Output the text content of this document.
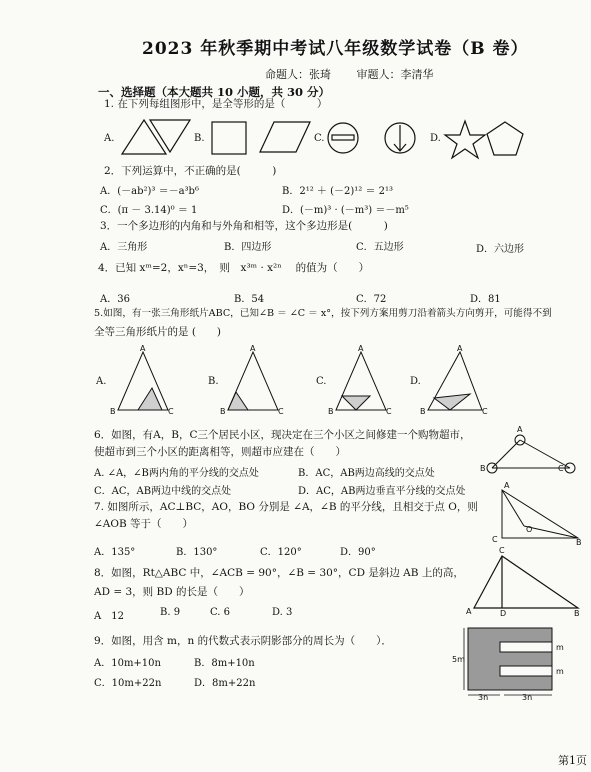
2023 年秋季期中考试八年级数学试卷（B 卷）
命题人：张琦 审题人：李清华
一、选择题（本大题共 10 小题，共 30 分）
1. 在下列每组图形中，是全等形的是（　　　）
A.	B.	C.	D.
2．下列运算中，不正确的是(　　　)
A．(－ab²)³ ＝－a³b⁶	B．2¹² ＋ (－2)¹² ＝ 2¹³
C．(π － 3.14)⁰ ＝ 1	D．(－m)³ · (－m³) ＝－m⁵
3．一个多边形的内角和与外角和相等，这个多边形是(　　　)
A．三角形	B．四边形	C．五边形	D．六边形
4．已知 xᵐ=2，xⁿ=3，　则　x³ᵐ · x²ⁿ 　的值为（　　）
A．36	B．54	C．72	D．81
5.如图，有一张三角形纸片ABC，已知∠B ＝ ∠C ＝ x°，按下列方案用剪刀沿着箭头方向剪开，可能得不到
全等三角形纸片的是 (　　)
A.	B.	C.	D.
A
B	C
A
B	C
A
B	C
A
B	C
6．如图，有A，B，C三个居民小区，现决定在三个小区之间修建一个购物超市，
使超市到三个小区的距离相等，则超市应建在（　　）
A. ∠A，∠B两内角的平分线的交点处	B．AC，AB两边高线的交点处
C．AC，AB两边中线的交点处	D．AC，AB两边垂直平分线的交点处
A
B	C
7. 如图所示，AC⊥BC，AO，BO 分别是 ∠A，∠B 的平分线，且相交于点 O，则
∠AOB 等于（　　）
A．135°	B．130°	C．120°	D．90°
A
C
O
B
8．如图，Rt△ABC 中，∠ACB = 90°，∠B = 30°，CD 是斜边 AB 上的高，
AD = 3，则 BD 的长是（　　）
A　12	B. 9	C. 6	D. 3	A
C
D	B
9．如图，用含 m，n 的代数式表示阴影部分的周长为（　　）．
A．10m+10n	B．8m+10n
C．10m+22n	D．8m+22n
5m
m
m
3n	3n
第1页
